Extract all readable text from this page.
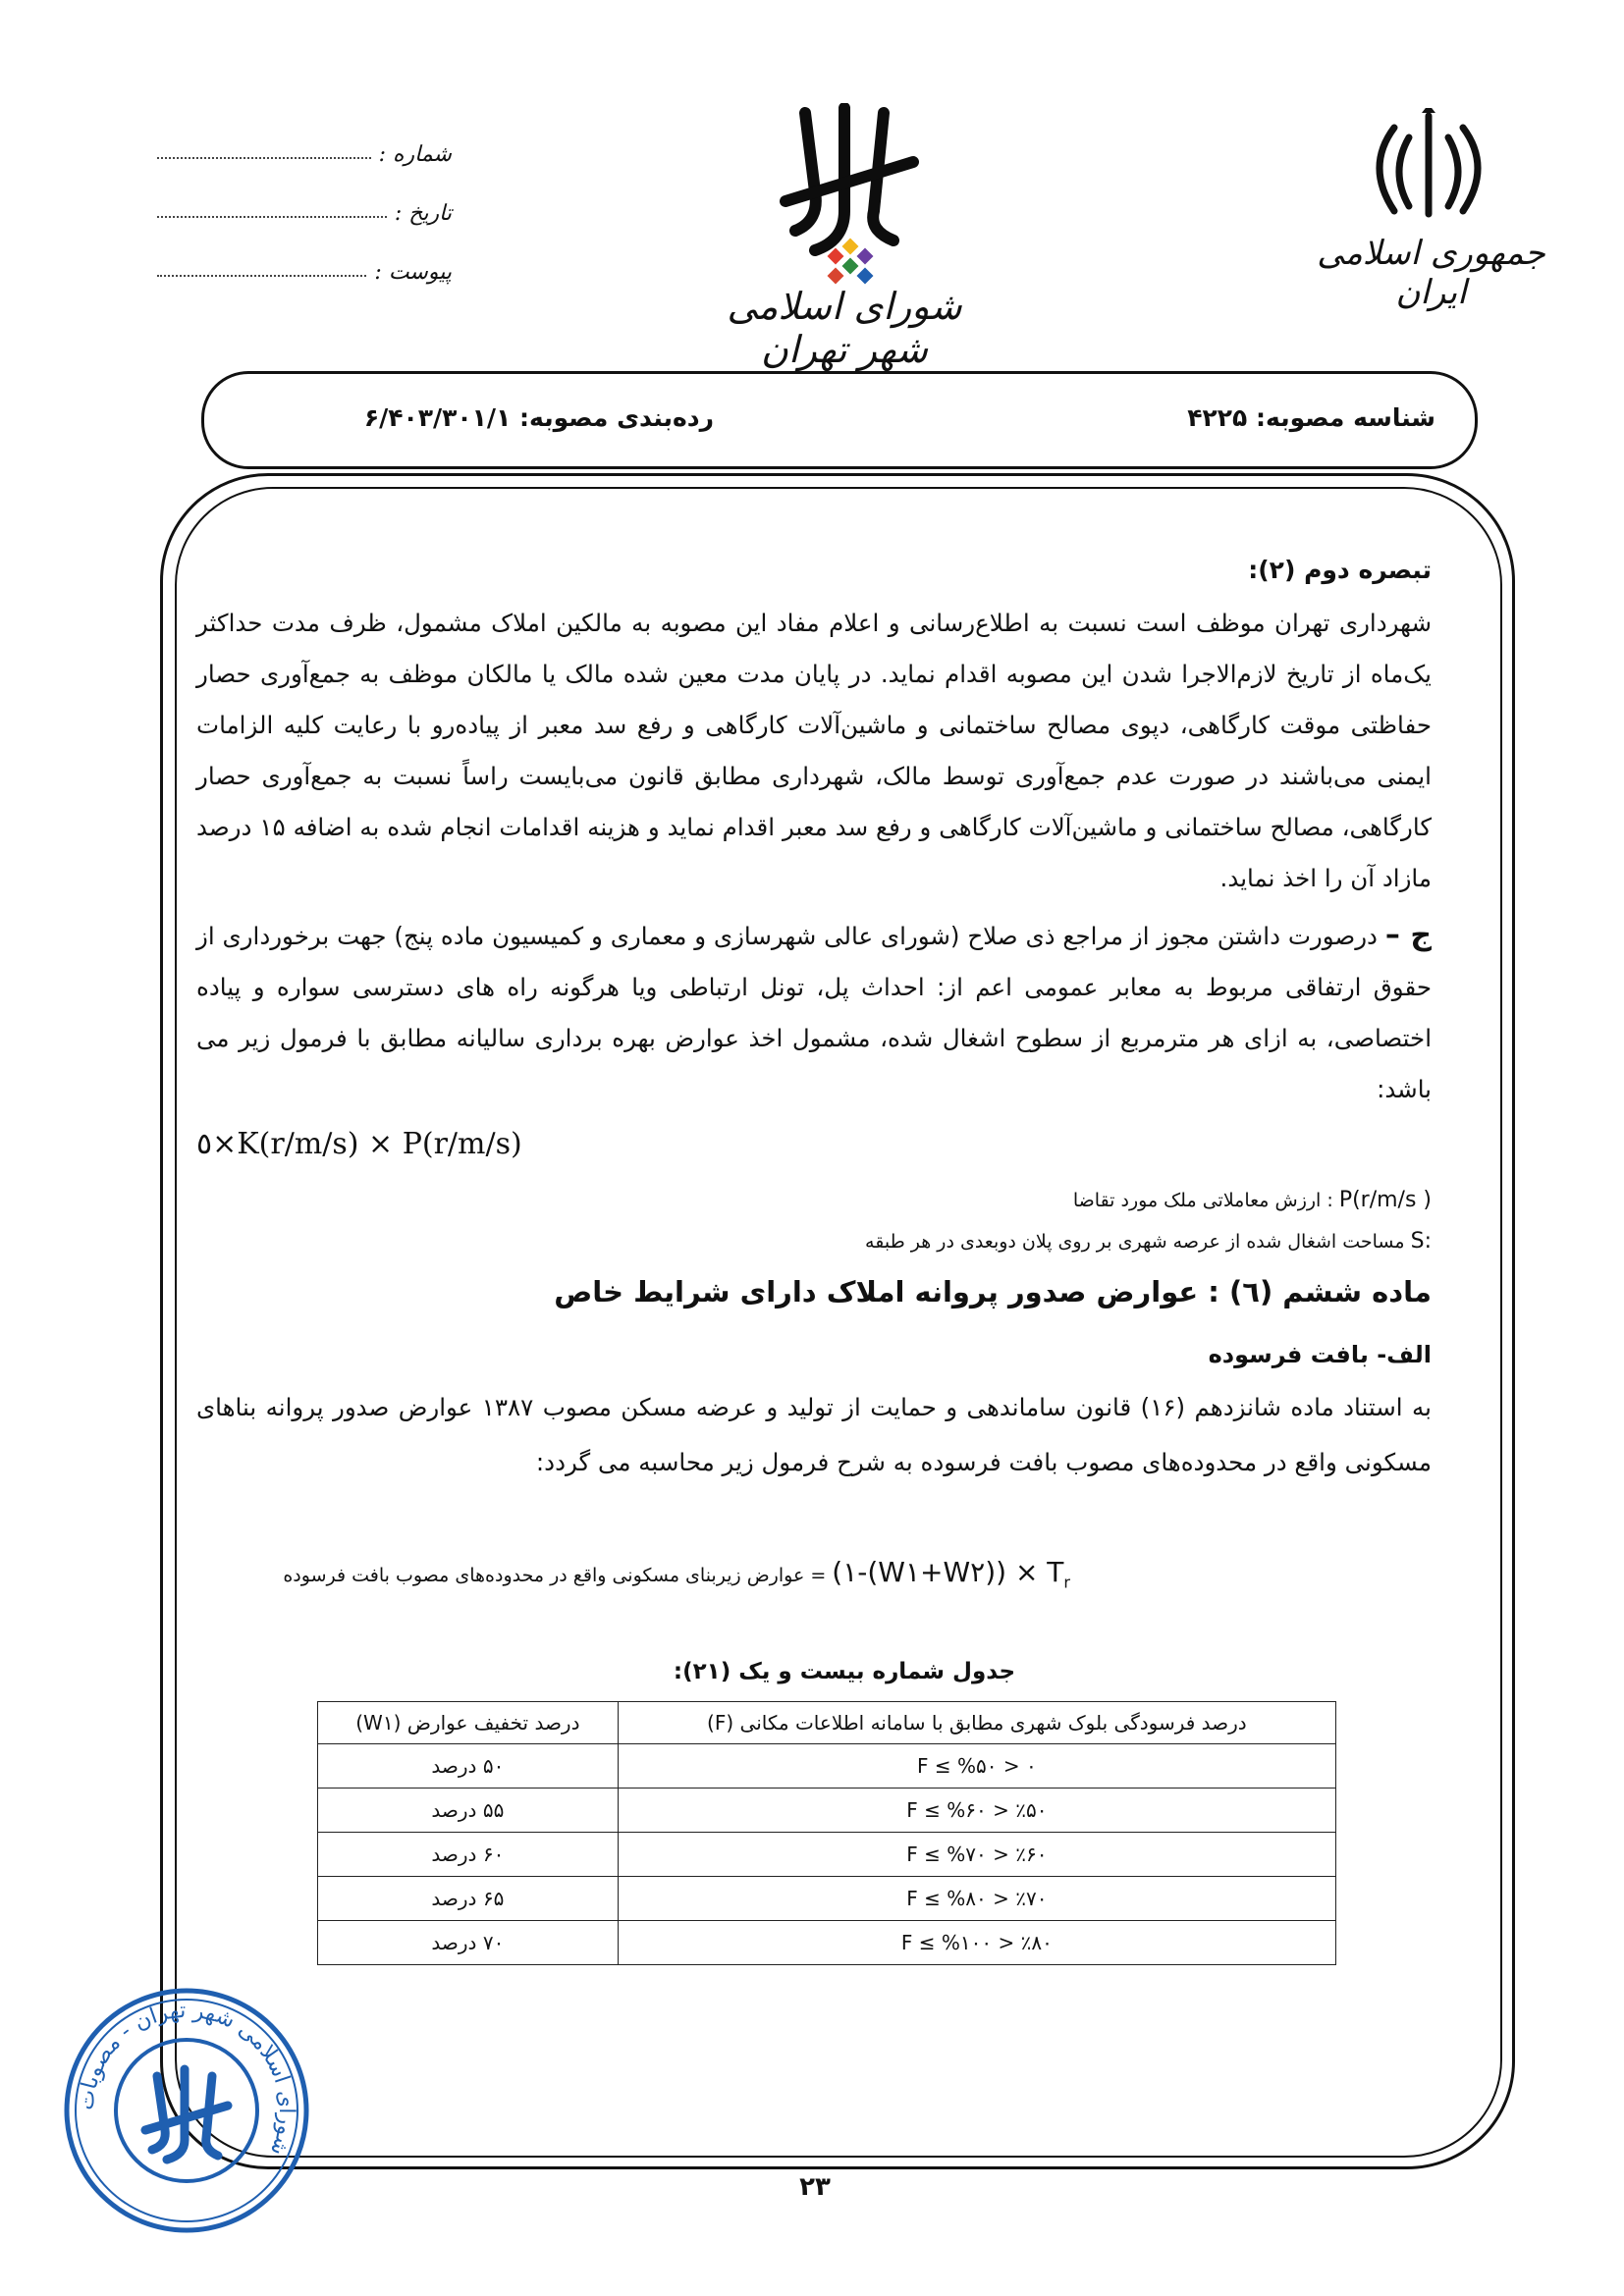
جمهوری اسلامی ایران
شورای اسلامی شهر تهران
شماره :
تاریخ :
پیوست :
شناسه مصوبه: ۴۲۲۵
رده‌بندی مصوبه: ۶/۴۰۳/۳۰۱/۱

تبصره دوم (۲):

شهرداری تهران موظف است نسبت به اطلاع‌رسانی و اعلام مفاد این مصوبه به مالکین املاک مشمول، ظرف مدت حداکثر یک‌ماه از تاریخ لازم‌الاجرا شدن این مصوبه اقدام نماید. در پایان مدت معین شده مالک یا مالکان موظف به جمع‌آوری حصار حفاظتی موقت کارگاهی، دپوی مصالح ساختمانی و ماشین‌آلات کارگاهی و رفع سد معبر از پیاده‌رو با رعایت کلیه الزامات ایمنی می‌باشند در صورت عدم جمع‌آوری توسط مالک، شهرداری مطابق قانون می‌بایست راساً نسبت به جمع‌آوری حصار کارگاهی، مصالح ساختمانی و ماشین‌آلات کارگاهی و رفع سد معبر اقدام نماید و هزینه اقدامات انجام شده به اضافه ۱۵ درصد مازاد آن را اخذ نماید.

ج – درصورت داشتن مجوز از مراجع ذی صلاح (شورای عالی شهرسازی و معماری و کمیسیون ماده پنج) جهت برخورداری از حقوق ارتفاقی مربوط به معابر عمومی اعم از: احداث پل، تونل ارتباطی ویا هرگونه راه های دسترسی سواره و پیاده اختصاصی، به ازای هر مترمربع از سطوح اشغال شده، مشمول اخذ عوارض بهره برداری سالیانه مطابق با فرمول زیر می باشد:

٥×K(r/m/s) × P(r/m/s)

P(r/m/s ) : ارزش معاملاتی ملک مورد تقاضا

S: مساحت اشغال شده از عرصه شهری بر روی پلان دوبعدی در هر طبقه

ماده ششم (٦) : عوارض صدور پروانه املاک دارای شرایط خاص

الف- بافت فرسوده

به استناد ماده شانزدهم (۱۶) قانون ساماندهی و حمایت از تولید و عرضه مسکن مصوب ۱۳۸۷ عوارض صدور پروانه بناهای مسکونی واقع در محدوده‌های مصوب بافت فرسوده به شرح فرمول زیر محاسبه می گردد:

(۱-(W۱+W۲)) × $T_r$ = عوارض زیربنای مسکونی واقع در محدوده‌های مصوب بافت فرسوده
جدول شماره بیست و یک (۲۱):
درصد فرسودگی بلوک شهری مطابق با سامانه اطلاعات مکانی (F)	درصد تخفیف عوارض (W۱)
۰ < F ≤ %۵۰	۵۰ درصد
٪۵۰ < F ≤ %۶۰	۵۵ درصد
٪۶۰ < F ≤ %۷۰	۶۰ درصد
٪۷۰ < F ≤ %۸۰	۶۵ درصد
٪۸۰ < F ≤ %۱۰۰	۷۰ درصد
شورای اسلامی شهر تهران - مصوبات
۲۳
